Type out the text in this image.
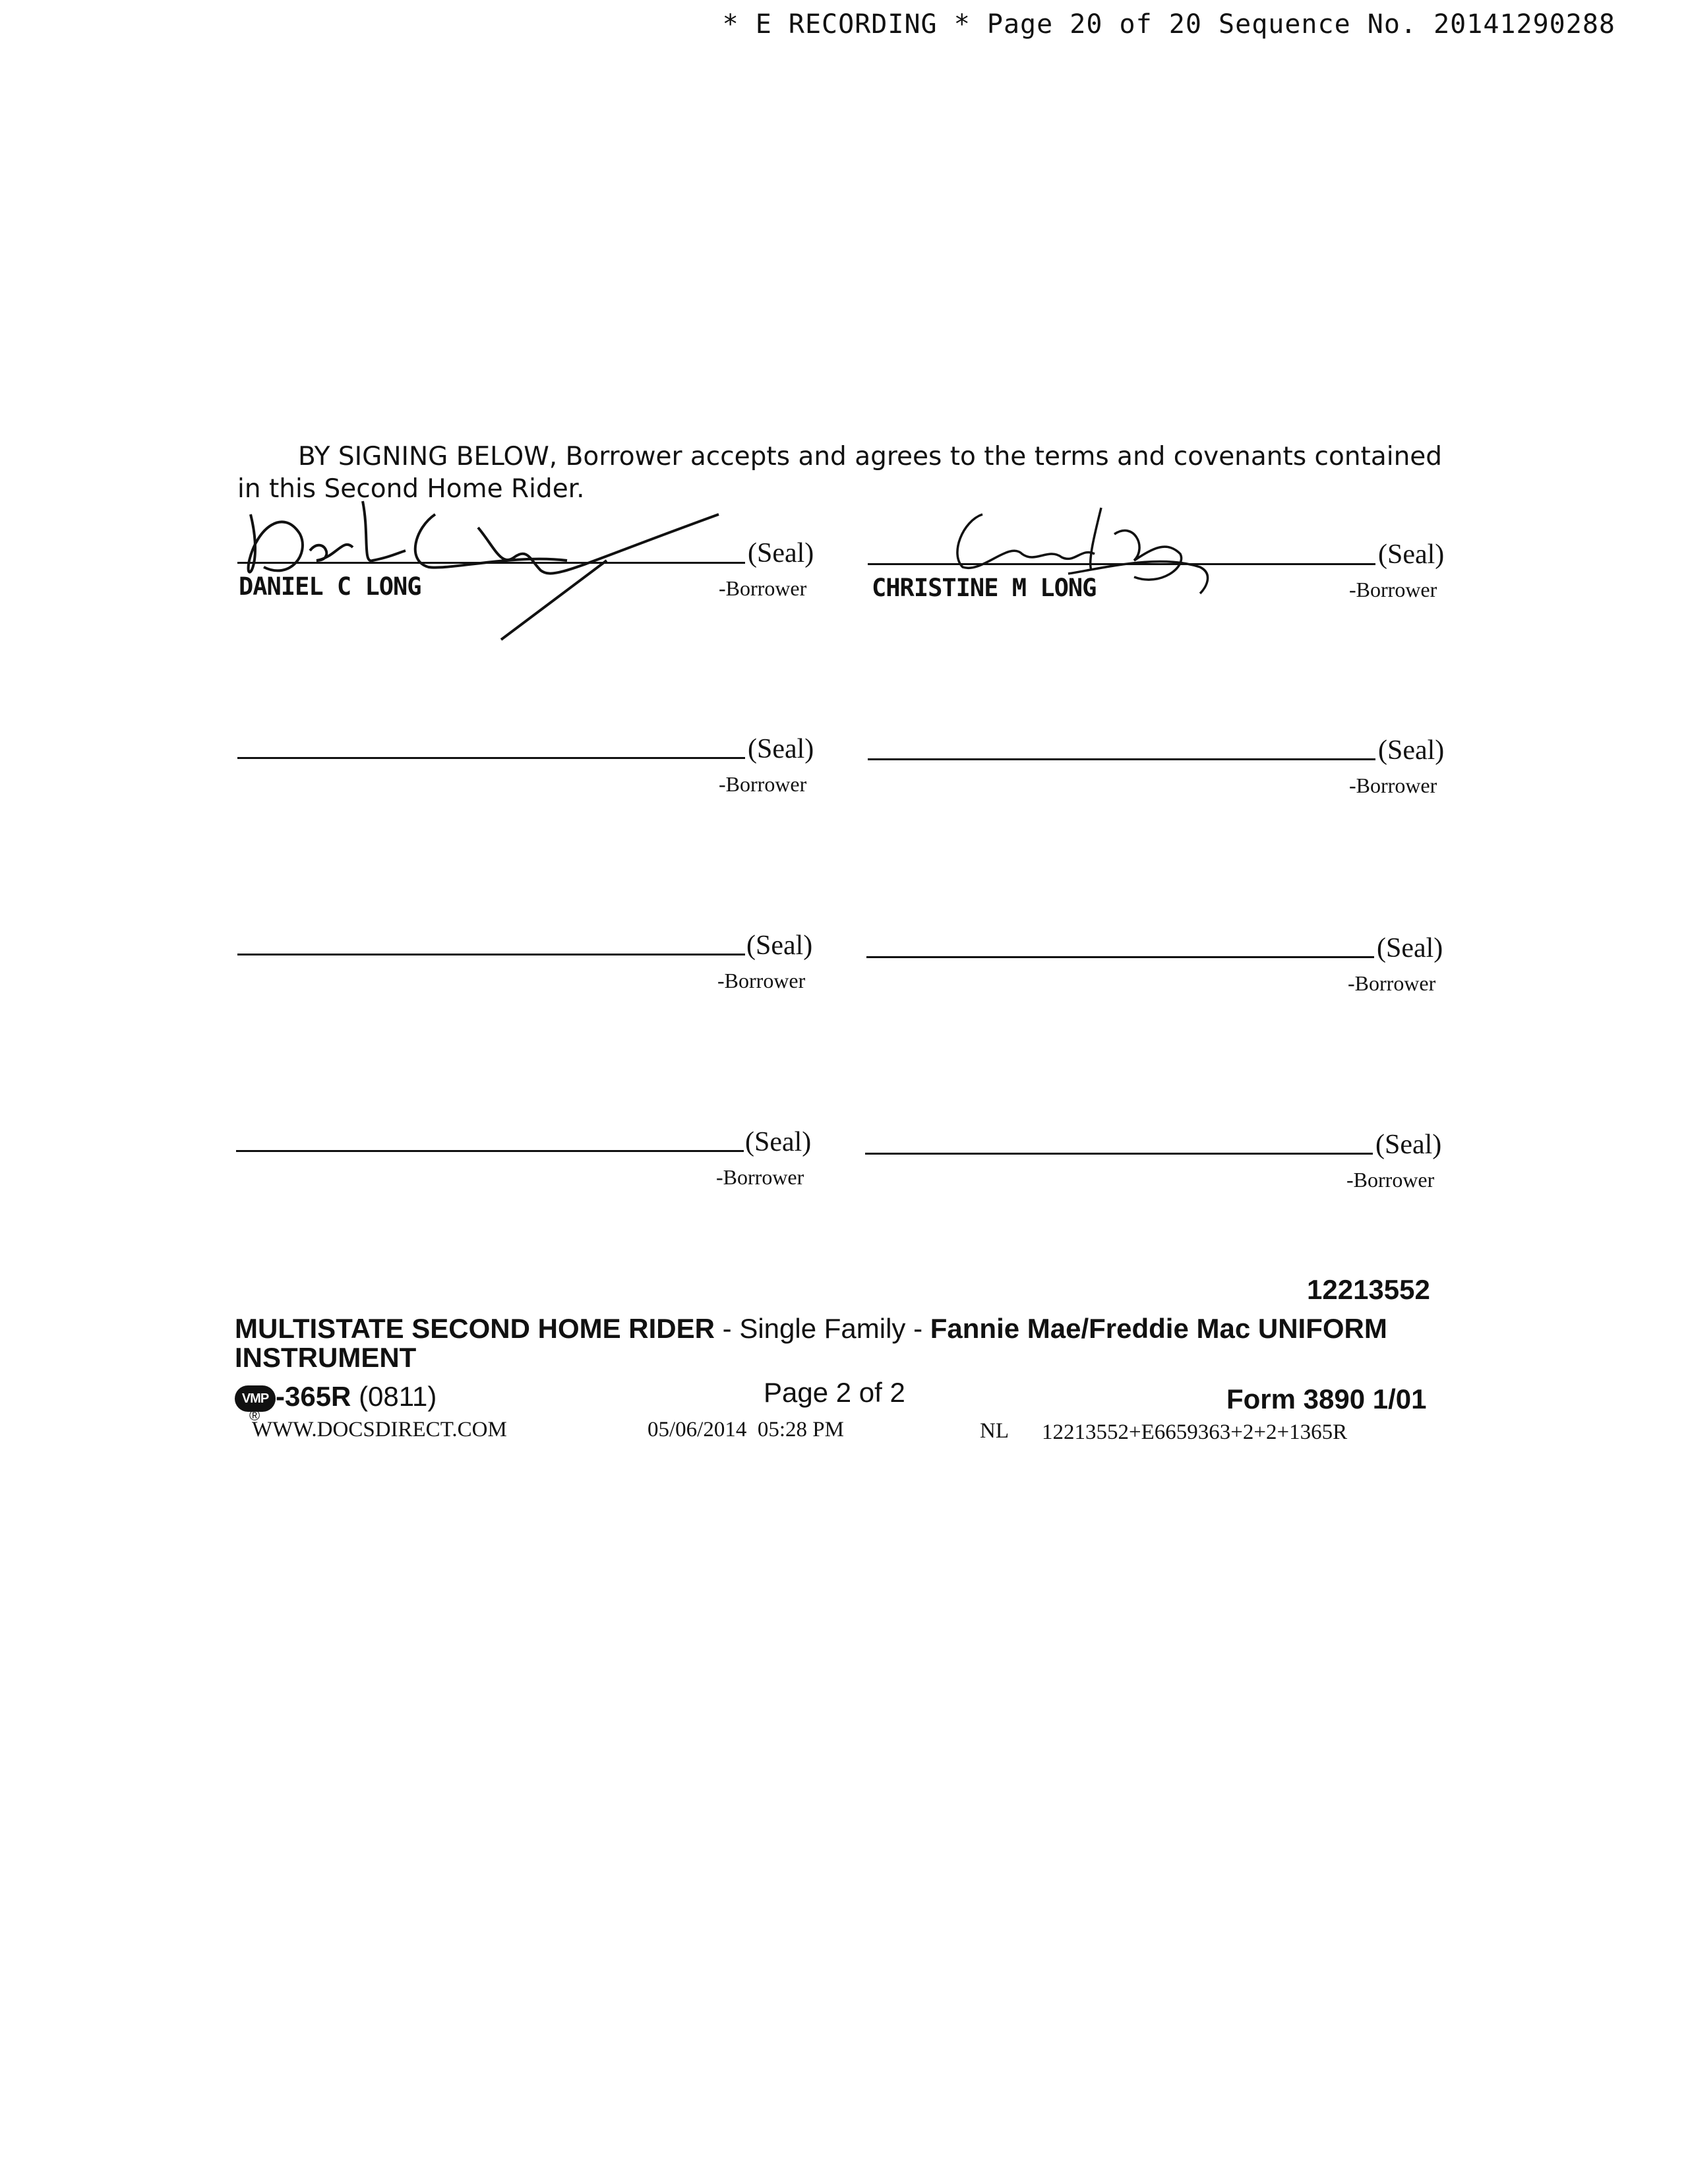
* E RECORDING * Page 20 of 20 Sequence No. 20141290288
BY SIGNING BELOW, Borrower accepts and agrees to the terms and covenants contained
in this Second Home Rider.
(Seal)
-Borrower
DANIEL C LONG
(Seal)
-Borrower
CHRISTINE M LONG
(Seal)
-Borrower
(Seal)
-Borrower
(Seal)
-Borrower
(Seal)
-Borrower
(Seal)
-Borrower
(Seal)
-Borrower
12213552
MULTISTATE SECOND HOME RIDER - Single Family - Fannie Mae/Freddie Mac UNIFORM
INSTRUMENT
VMP -365R (0811)
®
Page 2 of 2	Form 3890 1/01
WWW.DOCSDIRECT.COM	05/06/2014  05:28 PM	NL 12213552+E6659363+2+2+1365R
